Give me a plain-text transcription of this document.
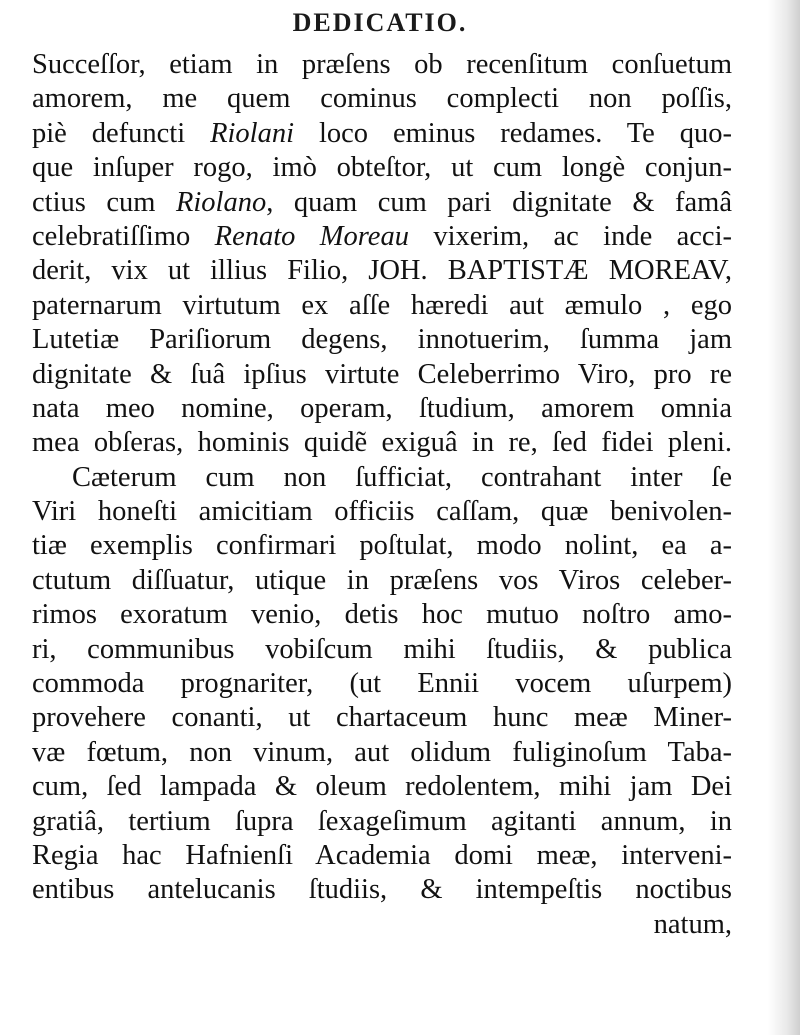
DEDICATIO.
Succeſſor, etiam in præſens ob recenſitum conſuetum
amorem, me quem cominus complecti non poſſis,
piè defuncti Riolani loco eminus redames. Te quo-
que inſuper rogo, imò obteſtor, ut cum longè conjun-
ctius cum Riolano, quam cum pari dignitate & famâ
celebratiſſimo Renato Moreau vixerim, ac inde acci-
derit, vix ut illius Filio, JOH. BAPTISTÆ MOREAV,
paternarum virtutum ex aſſe hæredi aut æmulo , ego
Lutetiæ Pariſiorum degens, innotuerim, ſumma jam
dignitate & ſuâ ipſius virtute Celeberrimo Viro, pro re
nata meo nomine, operam, ſtudium, amorem omnia
mea obſeras, hominis quidẽ exiguâ in re, ſed fidei pleni.
Cæterum cum non ſufficiat, contrahant inter ſe
Viri honeſti amicitiam officiis caſſam, quæ benivolen-
tiæ exemplis confirmari poſtulat, modo nolint, ea a-
ctutum diſſuatur, utique in præſens vos Viros celeber-
rimos exoratum venio, detis hoc mutuo noſtro amo-
ri, communibus vobiſcum mihi ſtudiis, & publica
commoda prognariter, (ut Ennii vocem uſurpem)
provehere conanti, ut chartaceum hunc meæ Miner-
væ fœtum, non vinum, aut olidum fuliginoſum Taba-
cum, ſed lampada & oleum redolentem, mihi jam Dei
gratiâ, tertium ſupra ſexageſimum agitanti annum, in
Regia hac Hafnienſi Academia domi meæ, interveni-
entibus antelucanis ſtudiis, & intempeſtis noctibus
natum,
